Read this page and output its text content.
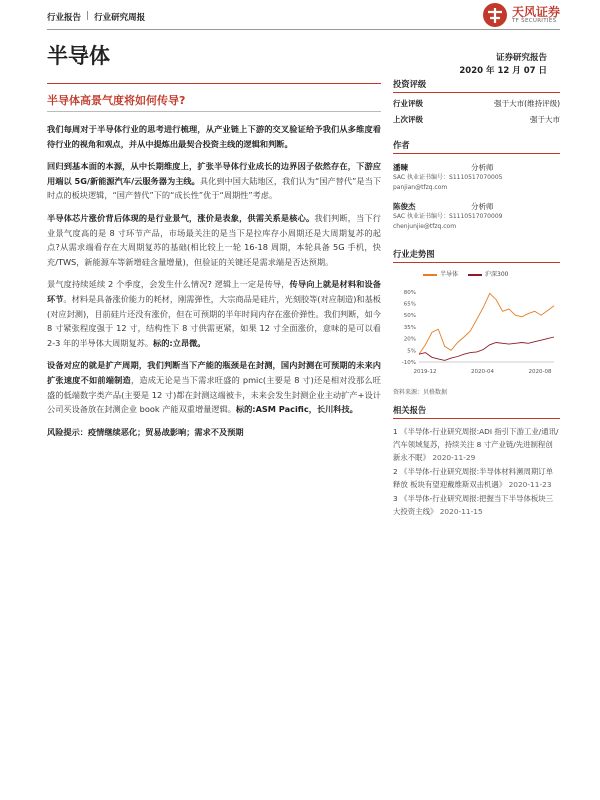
行业报告 | 行业研究周报	天风证券
TF SECURITIES
半导体	证券研究报告
2020 年 12 月 07 日
半导体高景气度将如何传导?

我们每周对于半导体行业的思考进行梳理，从产业链上下游的交叉验证给予我们从多维度看待行业的视角和观点，并从中提炼出最契合投资主线的逻辑和判断。

回归到基本面的本源，从中长期维度上，扩张半导体行业成长的边界因子依然存在，下游应用端以 5G/新能源汽车/云服务器为主线。具化到中国大陆地区，我们认为“国产替代”是当下时点的板块逻辑，“国产替代”下的“成长性”优于“周期性”考虑。

半导体芯片涨价背后体现的是行业景气，涨价是表象，供需关系是核心。我们判断，当下行业景气度高的是 8 寸环节产品，市场最关注的是当下是拉库存小周期还是大周期复苏的起点?从需求端看存在大周期复苏的基础(相比较上一轮 16-18 周期，本轮具备 5G 手机，快充/TWS，新能源车等新增硅含量增量)，但验证的关键还是需求端是否达预期。

景气度持续延续 2 个季度，会发生什么情况? 逻辑上一定是传导，传导向上就是材料和设备环节。材料是具备涨价能力的耗材，刚需弹性，大宗商品是硅片，光刻胶等(对应制造)和基板(对应封测)，目前硅片还没有涨价，但在可预期的半年时间内存在涨价弹性。我们判断，如今 8 寸紧张程度强于 12 寸，结构性下 8 寸供需更紧，如果 12 寸全面涨价，意味的是可以看 2-3 年的半导体大周期复苏。标的:立昂微。

设备对应的就是扩产周期，我们判断当下产能的瓶颈是在封测，国内封测在可预期的未来内扩张速度不如前端制造，造成无论是当下需求旺盛的 pmic(主要是 8 寸)还是相对没那么旺盛的低端数字类产品(主要是 12 寸)都在封测这端被卡，未来会发生封测企业主动扩产+设计公司买设备放在封测企业 book 产能双重增量逻辑。标的:ASM Pacific，长川科技。

风险提示：疫情继续恶化；贸易战影响；需求不及预期

投资评级
行业评级	强于大市(维持评级)
上次评级	强于大市
作者
潘暕	分析师
SAC 执业证书编号：S1110517070005
panjian@tfzq.com
陈俊杰	分析师
SAC 执业证书编号：S1110517070009
chenjunjie@tfzq.com
行业走势图
半导体	沪深300
-10%
5%
20%
35%
50%
65%
80%
2019-12	2020-04	2020-08
资料来源：贝格数据
相关报告
1 《半导体-行业研究周报:ADI 指引下游工业/通讯/汽车领域复苏，持续关注 8 寸产业链/先进制程创新永不眠》 2020-11-29
2 《半导体-行业研究周报:半导体材料濒周期订单释放 板块有望迎戴维斯双击机遇》 2020-11-23
3 《半导体-行业研究周报:把握当下半导体板块三大投资主线》 2020-11-15
